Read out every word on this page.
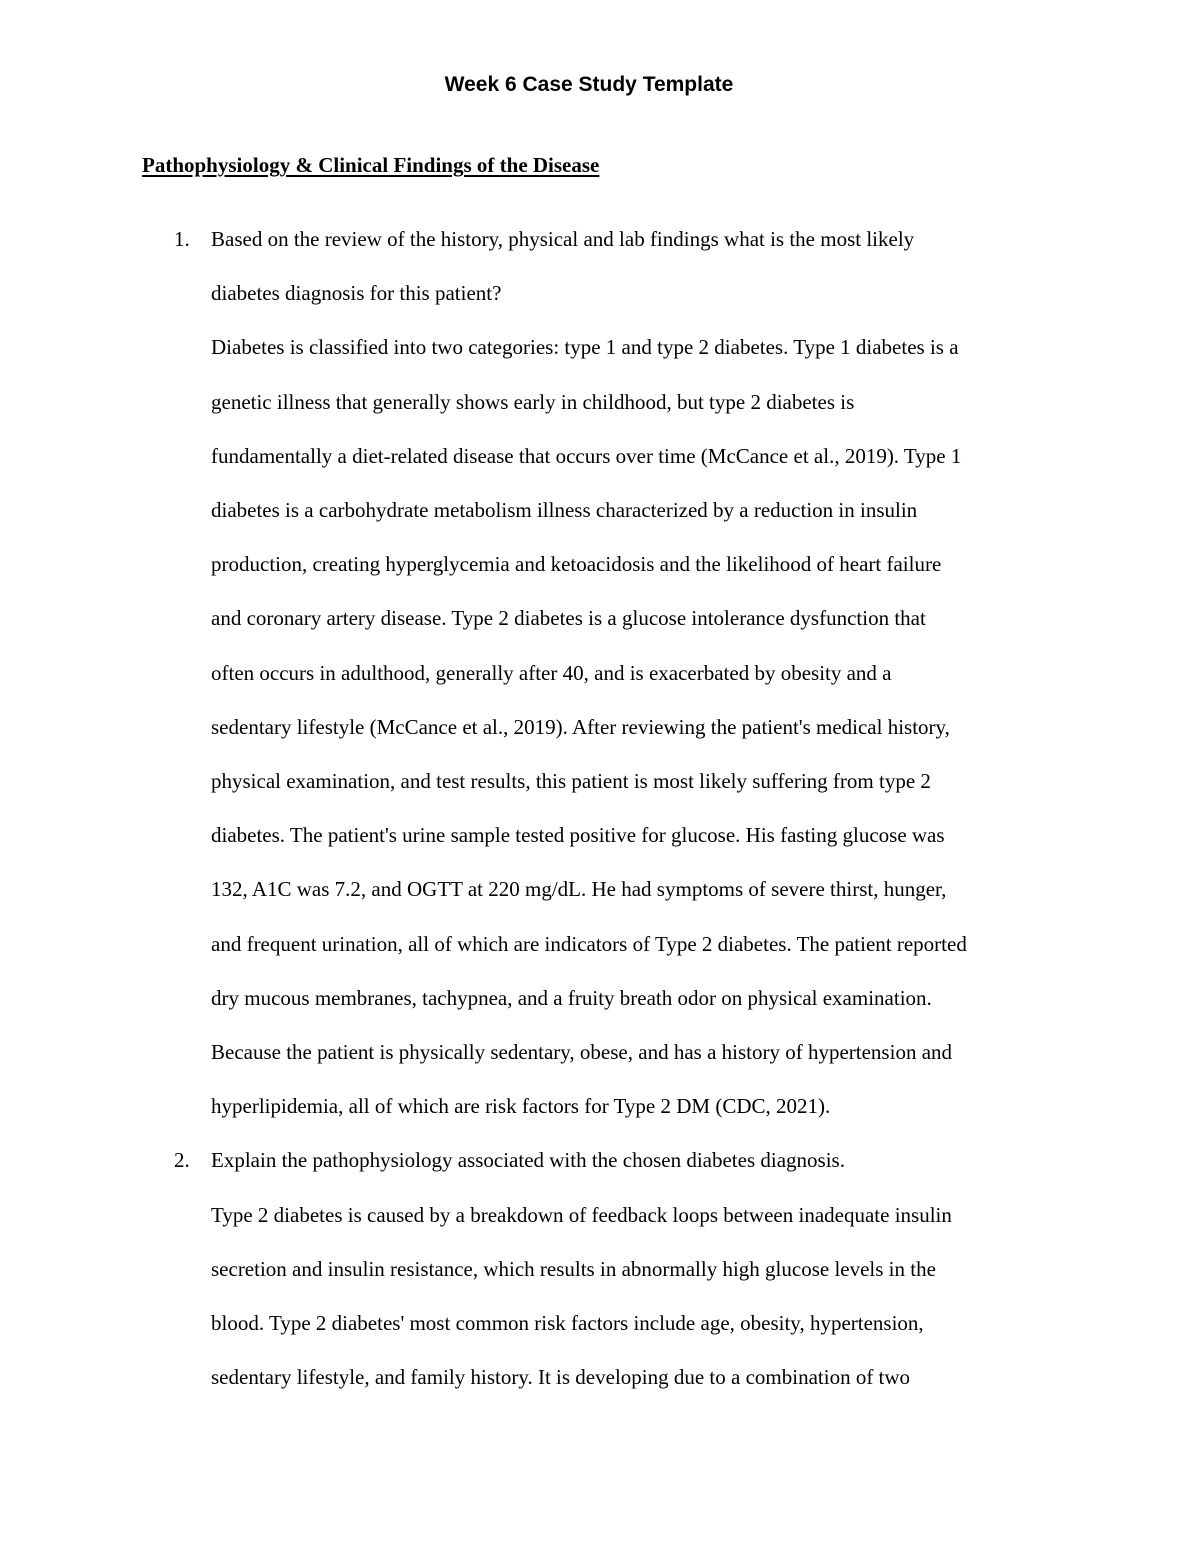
Week 6 Case Study Template
Pathophysiology & Clinical Findings of the Disease
1. Based on the review of the history, physical and lab findings what is the most likely
diabetes diagnosis for this patient?
Diabetes is classified into two categories: type 1 and type 2 diabetes. Type 1 diabetes is a
genetic illness that generally shows early in childhood, but type 2 diabetes is
fundamentally a diet-related disease that occurs over time (McCance et al., 2019). Type 1
diabetes is a carbohydrate metabolism illness characterized by a reduction in insulin
production, creating hyperglycemia and ketoacidosis and the likelihood of heart failure
and coronary artery disease. Type 2 diabetes is a glucose intolerance dysfunction that
often occurs in adulthood, generally after 40, and is exacerbated by obesity and a
sedentary lifestyle (McCance et al., 2019). After reviewing the patient's medical history,
physical examination, and test results, this patient is most likely suffering from type 2
diabetes. The patient's urine sample tested positive for glucose. His fasting glucose was
132, A1C was 7.2, and OGTT at 220 mg/dL. He had symptoms of severe thirst, hunger,
and frequent urination, all of which are indicators of Type 2 diabetes. The patient reported
dry mucous membranes, tachypnea, and a fruity breath odor on physical examination.
Because the patient is physically sedentary, obese, and has a history of hypertension and
hyperlipidemia, all of which are risk factors for Type 2 DM (CDC, 2021).
2. Explain the pathophysiology associated with the chosen diabetes diagnosis.
Type 2 diabetes is caused by a breakdown of feedback loops between inadequate insulin
secretion and insulin resistance, which results in abnormally high glucose levels in the
blood. Type 2 diabetes' most common risk factors include age, obesity, hypertension,
sedentary lifestyle, and family history. It is developing due to a combination of two
